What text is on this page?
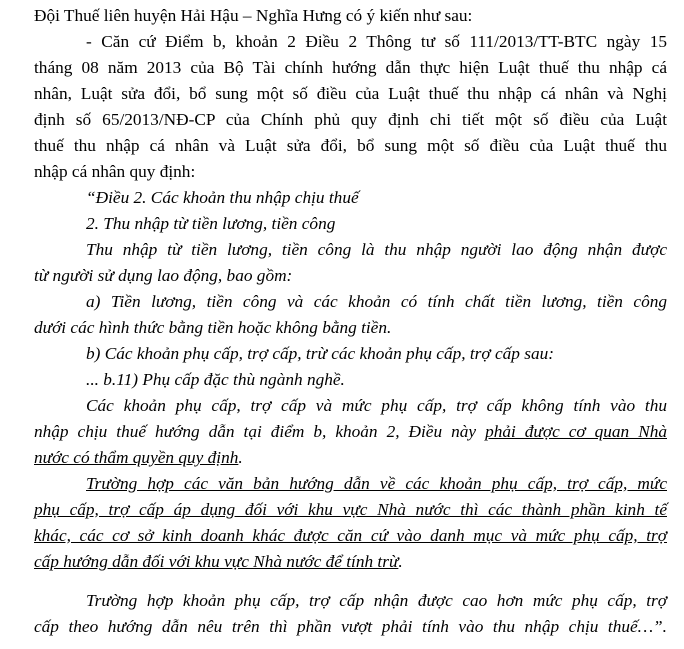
Đội Thuế liên huyện Hải Hậu – Nghĩa Hưng có ý kiến như sau:
- Căn cứ Điểm b, khoản 2 Điều 2 Thông tư số 111/2013/TT-BTC ngày 15
tháng 08 năm 2013 của Bộ Tài chính hướng dẫn thực hiện Luật thuế thu nhập cá
nhân, Luật sửa đổi, bổ sung một số điều của Luật thuế thu nhập cá nhân và Nghị
định số 65/2013/NĐ-CP của Chính phủ quy định chi tiết một số điều của Luật
thuế thu nhập cá nhân và Luật sửa đổi, bổ sung một số điều của Luật thuế thu
nhập cá nhân quy định:
“Điều 2. Các khoản thu nhập chịu thuế
2. Thu nhập từ tiền lương, tiền công
Thu nhập từ tiền lương, tiền công là thu nhập người lao động nhận được
từ người sử dụng lao động, bao gồm:
a) Tiền lương, tiền công và các khoản có tính chất tiền lương, tiền công
dưới các hình thức bằng tiền hoặc không bằng tiền.
b) Các khoản phụ cấp, trợ cấp, trừ các khoản phụ cấp, trợ cấp sau:
... b.11) Phụ cấp đặc thù ngành nghề.
Các khoản phụ cấp, trợ cấp và mức phụ cấp, trợ cấp không tính vào thu
nhập chịu thuế hướng dẫn tại điểm b, khoản 2, Điều này phải được cơ quan Nhà
nước có thẩm quyền quy định.
Trường hợp các văn bản hướng dẫn về các khoản phụ cấp, trợ cấp, mức
phụ cấp, trợ cấp áp dụng đối với khu vực Nhà nước thì các thành phần kinh tế
khác, các cơ sở kinh doanh khác được căn cứ vào danh mục và mức phụ cấp, trợ
cấp hướng dẫn đối với khu vực Nhà nước để tính trừ.
Trường hợp khoản phụ cấp, trợ cấp nhận được cao hơn mức phụ cấp, trợ
cấp theo hướng dẫn nêu trên thì phần vượt phải tính vào thu nhập chịu thuế…”.
